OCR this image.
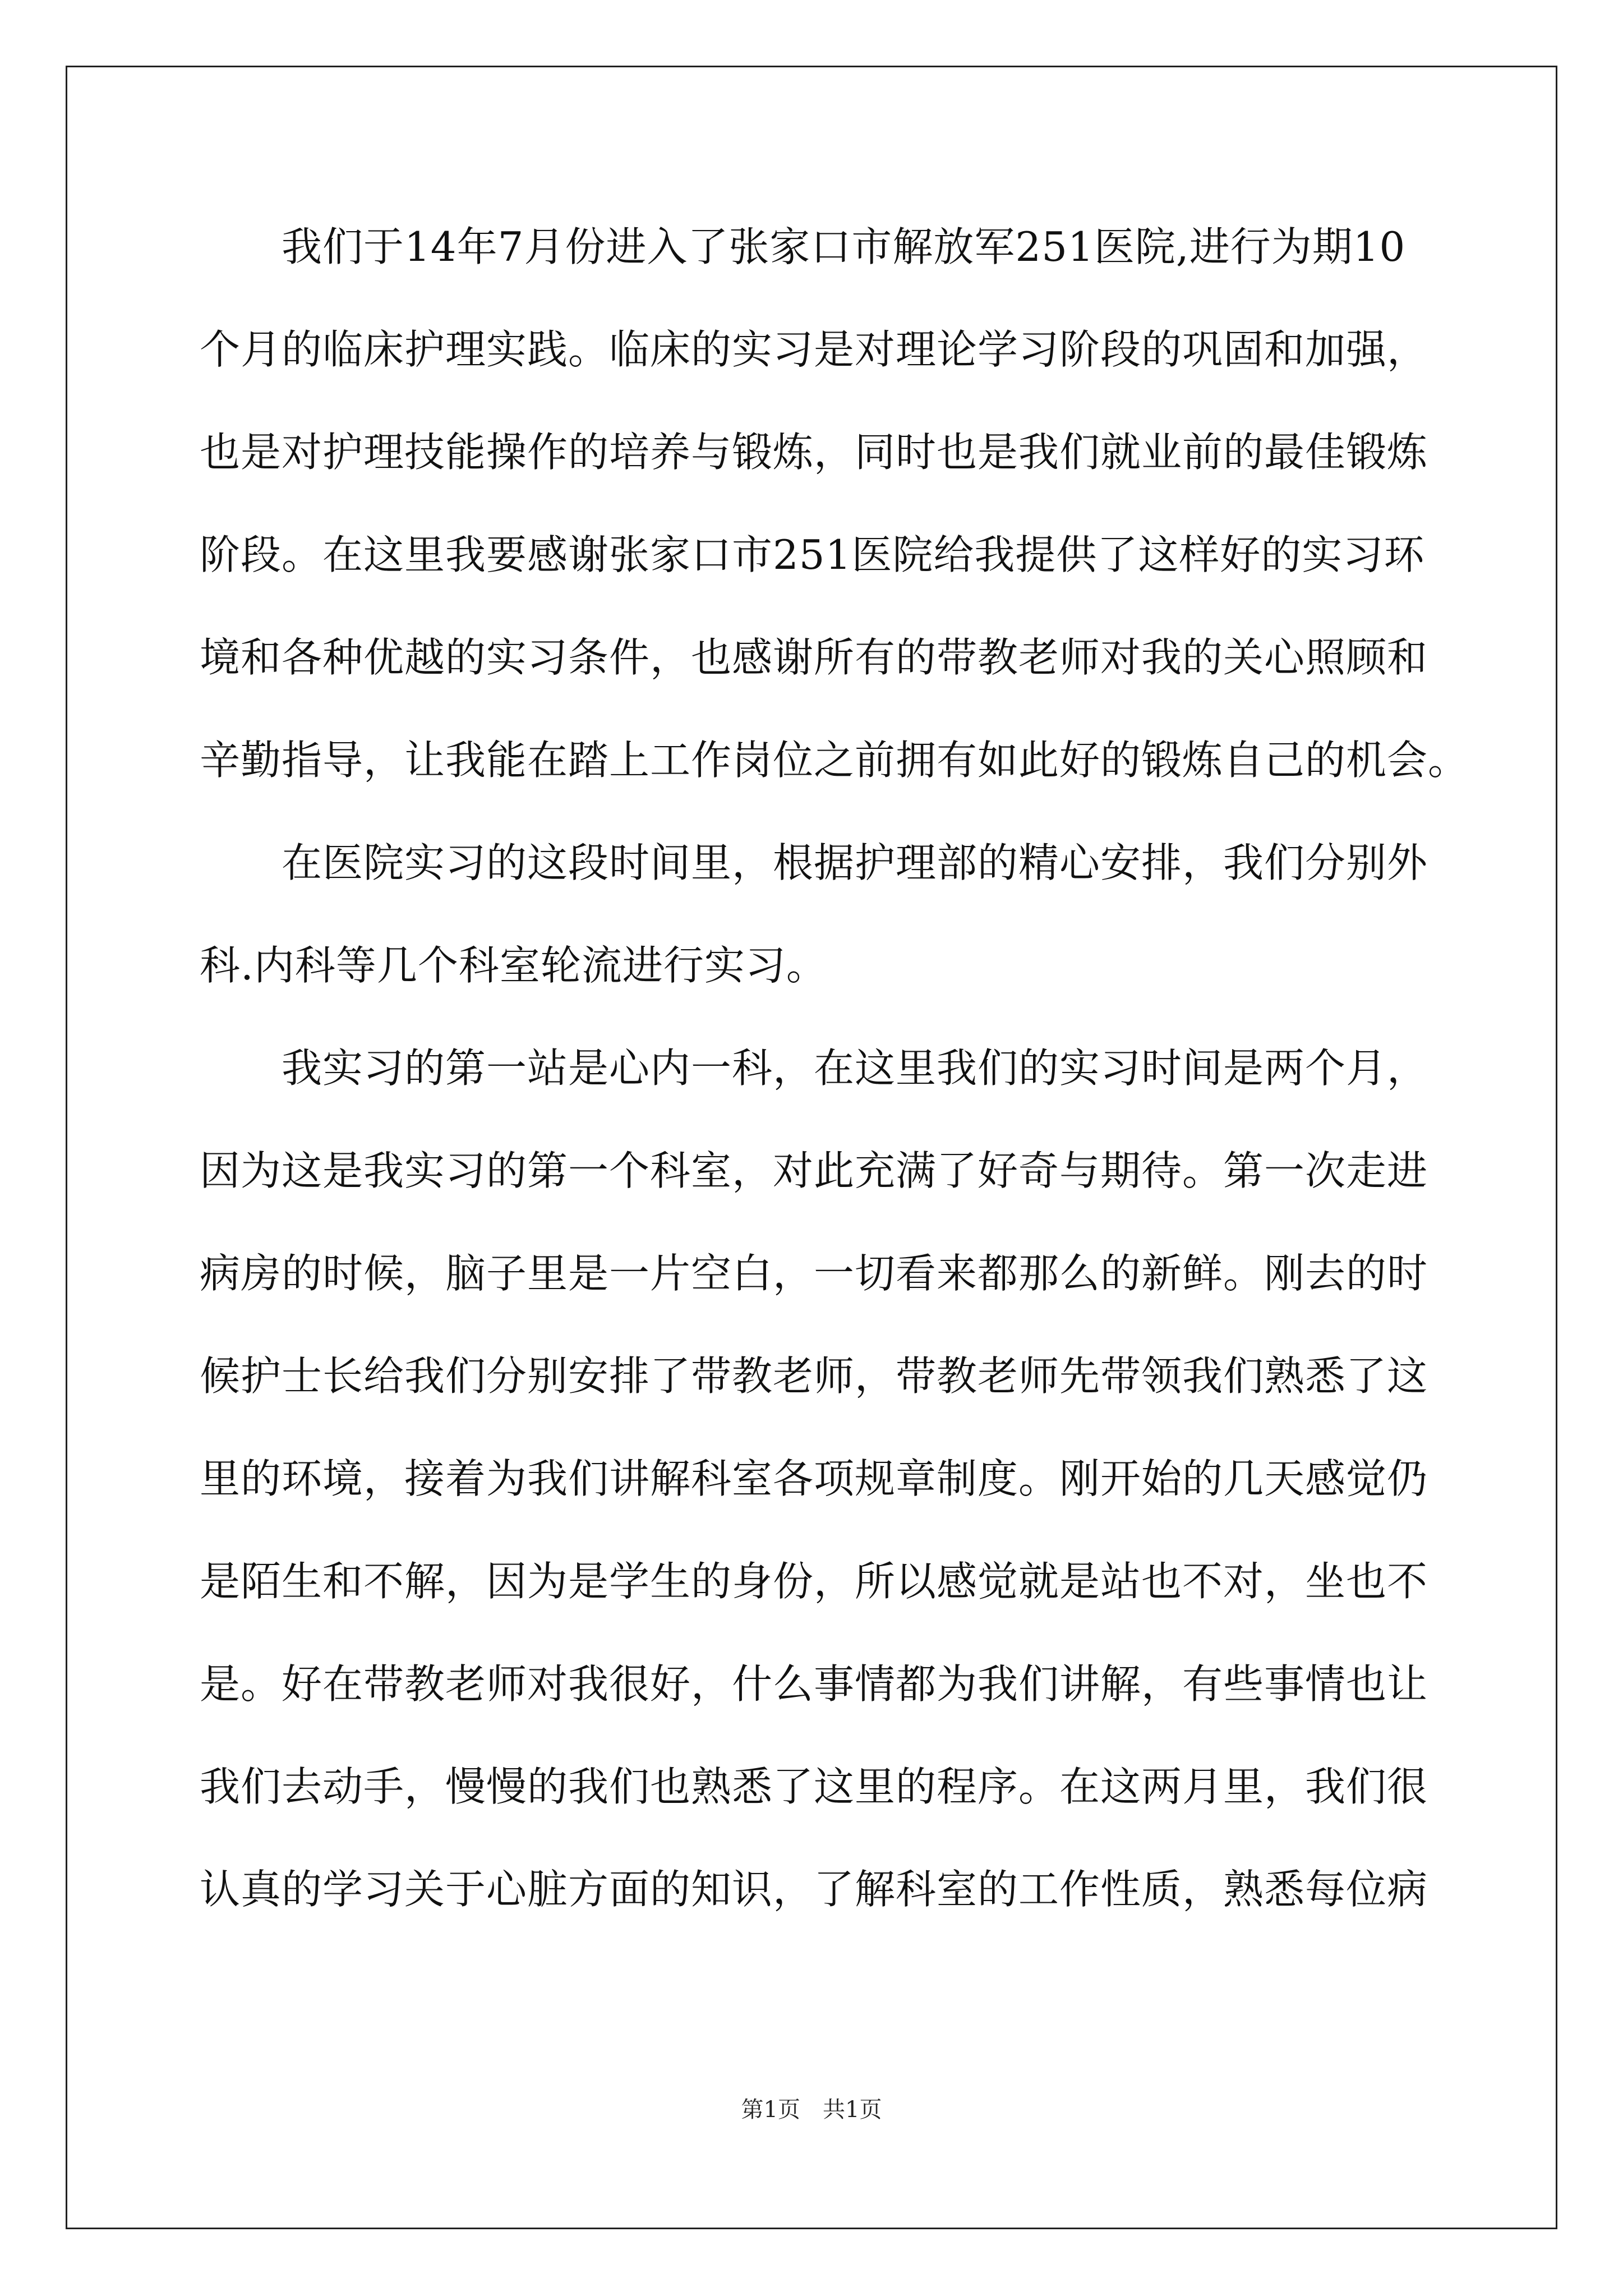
我们于14年7月份进入了张家口市解放军251医院,进行为期10
个月的临床护理实践。临床的实习是对理论学习阶段的巩固和加强，
也是对护理技能操作的培养与锻炼，同时也是我们就业前的最佳锻炼
阶段。在这里我要感谢张家口市251医院给我提供了这样好的实习环
境和各种优越的实习条件，也感谢所有的带教老师对我的关心照顾和
辛勤指导，让我能在踏上工作岗位之前拥有如此好的锻炼自己的机会。
在医院实习的这段时间里，根据护理部的精心安排，我们分别外
科.内科等几个科室轮流进行实习。
我实习的第一站是心内一科，在这里我们的实习时间是两个月，
因为这是我实习的第一个科室，对此充满了好奇与期待。第一次走进
病房的时候，脑子里是一片空白，一切看来都那么的新鲜。刚去的时
候护士长给我们分别安排了带教老师，带教老师先带领我们熟悉了这
里的环境，接着为我们讲解科室各项规章制度。刚开始的几天感觉仍
是陌生和不解，因为是学生的身份，所以感觉就是站也不对，坐也不
是。好在带教老师对我很好，什么事情都为我们讲解，有些事情也让
我们去动手，慢慢的我们也熟悉了这里的程序。在这两月里，我们很
认真的学习关于心脏方面的知识，了解科室的工作性质，熟悉每位病
第1页　共1页
